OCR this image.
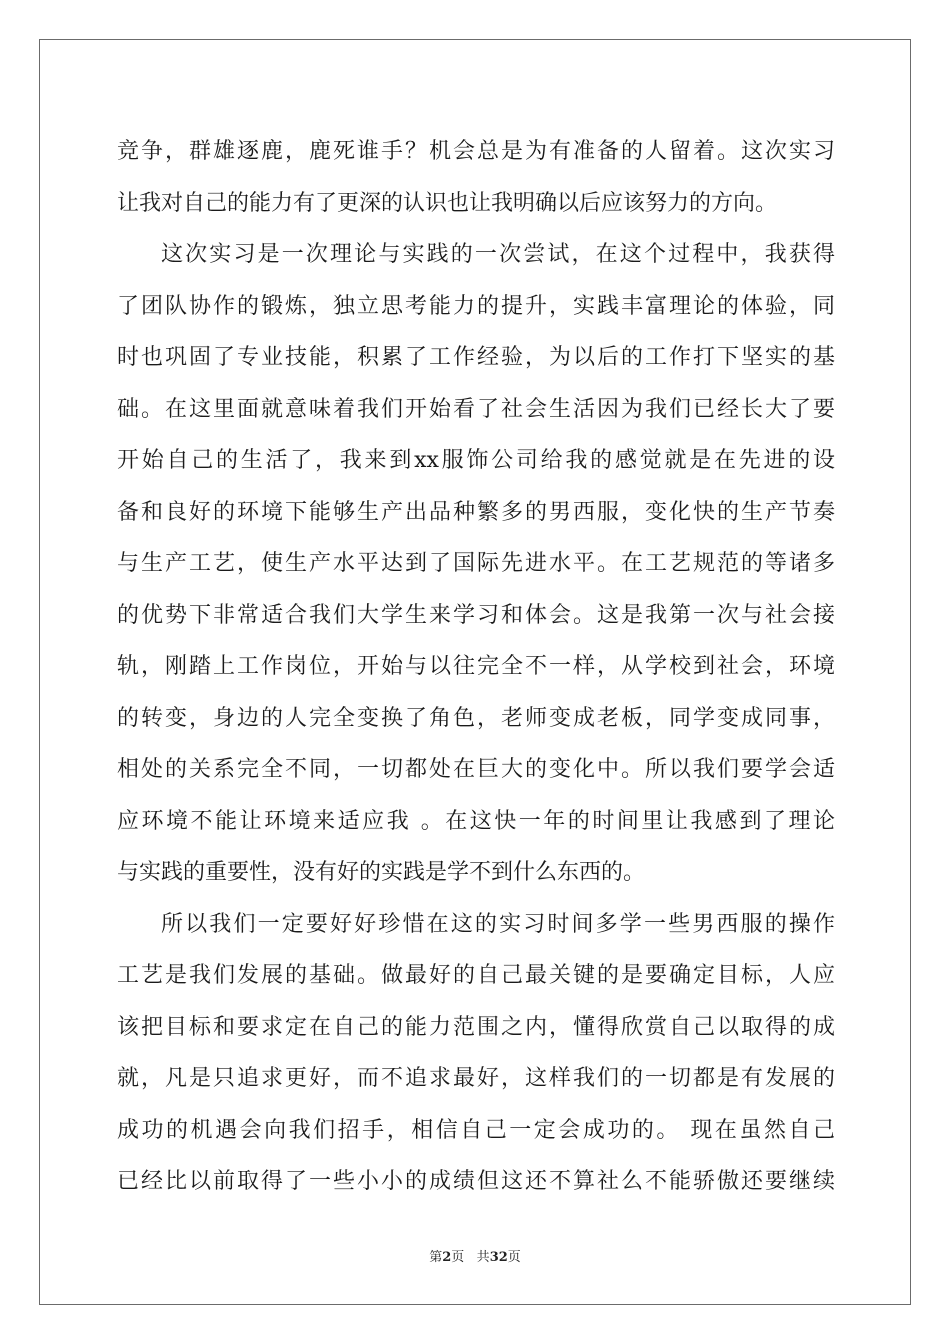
竞争，群雄逐鹿，鹿死谁手？机会总是为有准备的人留着。这次实习
让我对自己的能力有了更深的认识也让我明确以后应该努力的方向。
这次实习是一次理论与实践的一次尝试，在这个过程中，我获得
了团队协作的锻炼，独立思考能力的提升，实践丰富理论的体验，同
时也巩固了专业技能，积累了工作经验，为以后的工作打下坚实的基
础。在这里面就意味着我们开始看了社会生活因为我们已经长大了要
开始自己的生活了，我来到xx服饰公司给我的感觉就是在先进的设
备和良好的环境下能够生产出品种繁多的男西服，变化快的生产节奏
与生产工艺，使生产水平达到了国际先进水平。在工艺规范的等诸多
的优势下非常适合我们大学生来学习和体会。这是我第一次与社会接
轨，刚踏上工作岗位，开始与以往完全不一样，从学校到社会，环境
的转变，身边的人完全变换了角色，老师变成老板，同学变成同事，
相处的关系完全不同，一切都处在巨大的变化中。所以我们要学会适
应环境不能让环境来适应我 。在这快一年的时间里让我感到了理论
与实践的重要性，没有好的实践是学不到什么东西的。
所以我们一定要好好珍惜在这的实习时间多学一些男西服的操作
工艺是我们发展的基础。做最好的自己最关键的是要确定目标，人应
该把目标和要求定在自己的能力范围之内，懂得欣赏自己以取得的成
就，凡是只追求更好，而不追求最好，这样我们的一切都是有发展的
成功的机遇会向我们招手，相信自己一定会成功的。 现在虽然自己
已经比以前取得了一些小小的成绩但这还不算社么不能骄傲还要继续
第2页 共32页
